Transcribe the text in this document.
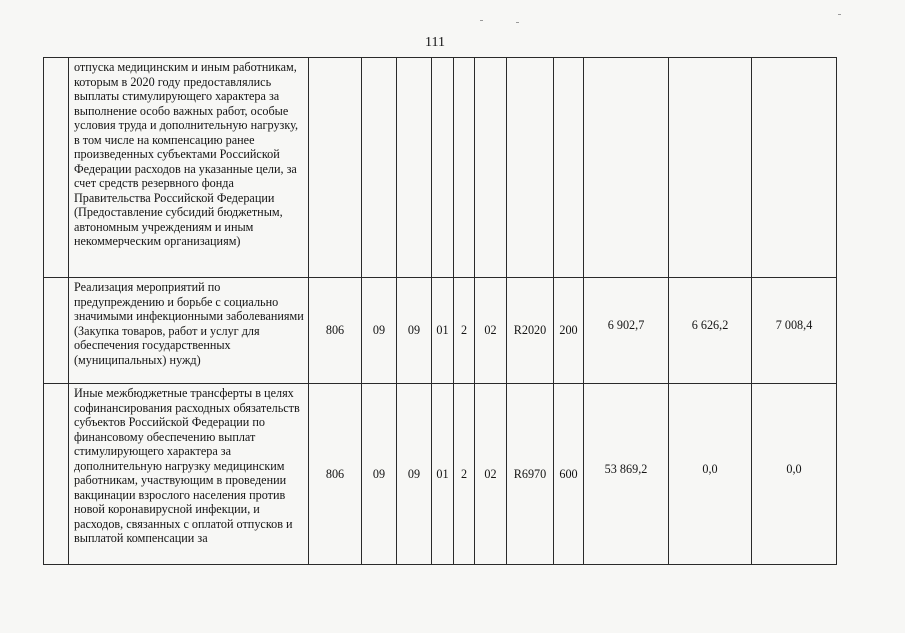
111
	отпуска медицинским и иным работникам, которым в 2020 году предоставлялись выплаты стимулирующего характера за выполнение особо важных работ, особые условия труда и дополнительную нагрузку, в том числе на компенсацию ранее произведенных субъектами Российской Федерации расходов на указанные цели, за счет средств резервного фонда Правительства Российской Федерации (Предоставление субсидий бюджетным, автономным учреждениям и иным некоммерческим организациям)											
	Реализация мероприятий по предупреждению и борьбе с социально значимыми инфекционными заболеваниями (Закупка товаров, работ и услуг для обеспечения государственных (муниципальных) нужд)	806	09	09	01	2	02	R2020	200	6 902,7	6 626,2	7 008,4
	Иные межбюджетные трансферты в целях софинансирования расходных обязательств субъектов Российской Федерации по финансовому обеспечению выплат стимулирующего характера за дополнительную нагрузку медицинским работникам, участвующим в проведении вакцинации взрослого населения против новой коронавирусной инфекции, и расходов, связанных с оплатой отпусков и выплатой компенсации за	806	09	09	01	2	02	R6970	600	53 869,2	0,0	0,0
